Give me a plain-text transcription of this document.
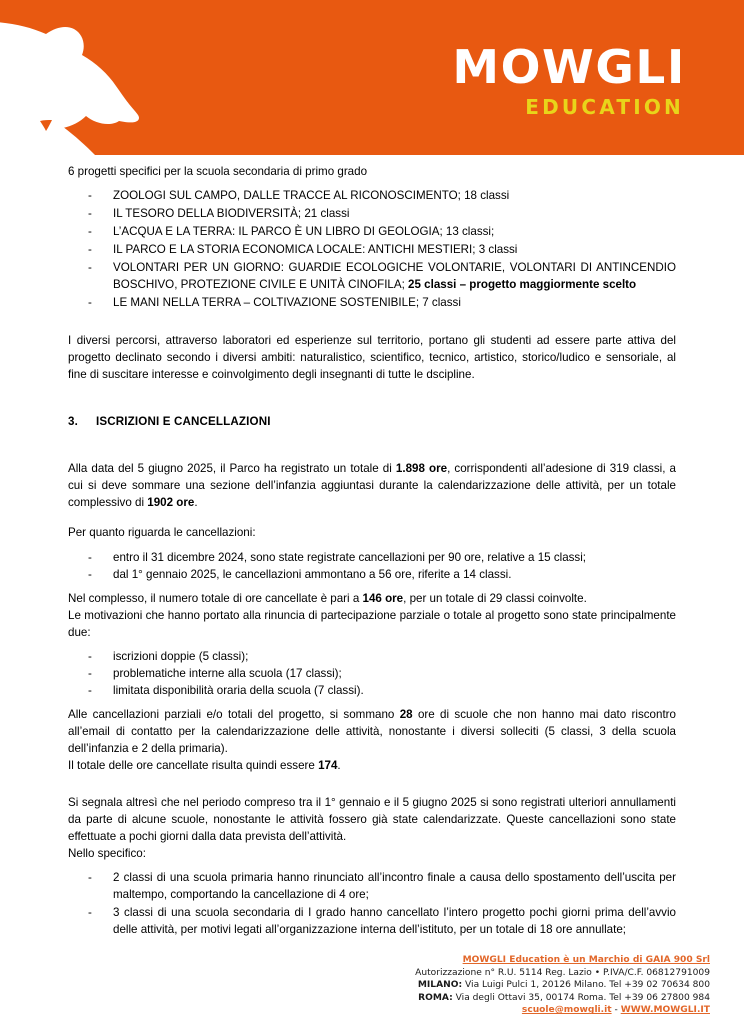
MOWGLI
EDUCATION

6 progetti specifici per la scuola secondaria di primo grado

- ZOOLOGI SUL CAMPO, DALLE TRACCE AL RICONOSCIMENTO; 18 classi
- IL TESORO DELLA BIODIVERSITÀ; 21 classi
- L’ACQUA E LA TERRA: IL PARCO È UN LIBRO DI GEOLOGIA; 13 classi;
- IL PARCO E LA STORIA ECONOMICA LOCALE: ANTICHI MESTIERI; 3 classi
- VOLONTARI PER UN GIORNO: GUARDIE ECOLOGICHE VOLONTARIE, VOLONTARI DI ANTINCENDIO BOSCHIVO, PROTEZIONE CIVILE E UNITÀ CINOFILA; 25 classi – progetto maggiormente scelto
- LE MANI NELLA TERRA – COLTIVAZIONE SOSTENIBILE; 7 classi

I diversi percorsi, attraverso laboratori ed esperienze sul territorio, portano gli studenti ad essere parte attiva del progetto declinato secondo i diversi ambiti: naturalistico, scientifico, tecnico, artistico, storico/ludico e sensoriale, al fine di suscitare interesse e coinvolgimento degli insegnanti di tutte le dscipline.

3. ISCRIZIONI E CANCELLAZIONI

Alla data del 5 giugno 2025, il Parco ha registrato un totale di 1.898 ore, corrispondenti all’adesione di 319 classi, a cui si deve sommare una sezione dell’infanzia aggiuntasi durante la calendarizzazione delle attività, per un totale complessivo di 1902 ore.

Per quanto riguarda le cancellazioni:

- entro il 31 dicembre 2024, sono state registrate cancellazioni per 90 ore, relative a 15 classi;
- dal 1° gennaio 2025, le cancellazioni ammontano a 56 ore, riferite a 14 classi.

Nel complesso, il numero totale di ore cancellate è pari a 146 ore, per un totale di 29 classi coinvolte.

Le motivazioni che hanno portato alla rinuncia di partecipazione parziale o totale al progetto sono state principalmente due:

- iscrizioni doppie (5 classi);
- problematiche interne alla scuola (17 classi);
- limitata disponibilità oraria della scuola (7 classi).

Alle cancellazioni parziali e/o totali del progetto, si sommano 28 ore di scuole che non hanno mai dato riscontro all’email di contatto per la calendarizzazione delle attività, nonostante i diversi solleciti (5 classi, 3 della scuola dell’infanzia e 2 della primaria).

Il totale delle ore cancellate risulta quindi essere 174.

Si segnala altresì che nel periodo compreso tra il 1° gennaio e il 5 giugno 2025 si sono registrati ulteriori annullamenti da parte di alcune scuole, nonostante le attività fossero già state calendarizzate. Queste cancellazioni sono state effettuate a pochi giorni dalla data prevista dell’attività.

Nello specifico:

- 2 classi di una scuola primaria hanno rinunciato all’incontro finale a causa dello spostamento dell’uscita per maltempo, comportando la cancellazione di 4 ore;
- 3 classi di una scuola secondaria di I grado hanno cancellato l’intero progetto pochi giorni prima dell’avvio delle attività, per motivi legati all’organizzazione interna dell’istituto, per un totale di 18 ore annullate;
MOWGLI Education è un Marchio di GAIA 900 Srl
Autorizzazione n° R.U. 5114 Reg. Lazio • P.IVA/C.F. 06812791009
MILANO: Via Luigi Pulci 1, 20126 Milano. Tel +39 02 70634 800
ROMA: Via degli Ottavi 35, 00174 Roma. Tel +39 06 27800 984
scuole@mowgli.it - WWW.MOWGLI.IT
